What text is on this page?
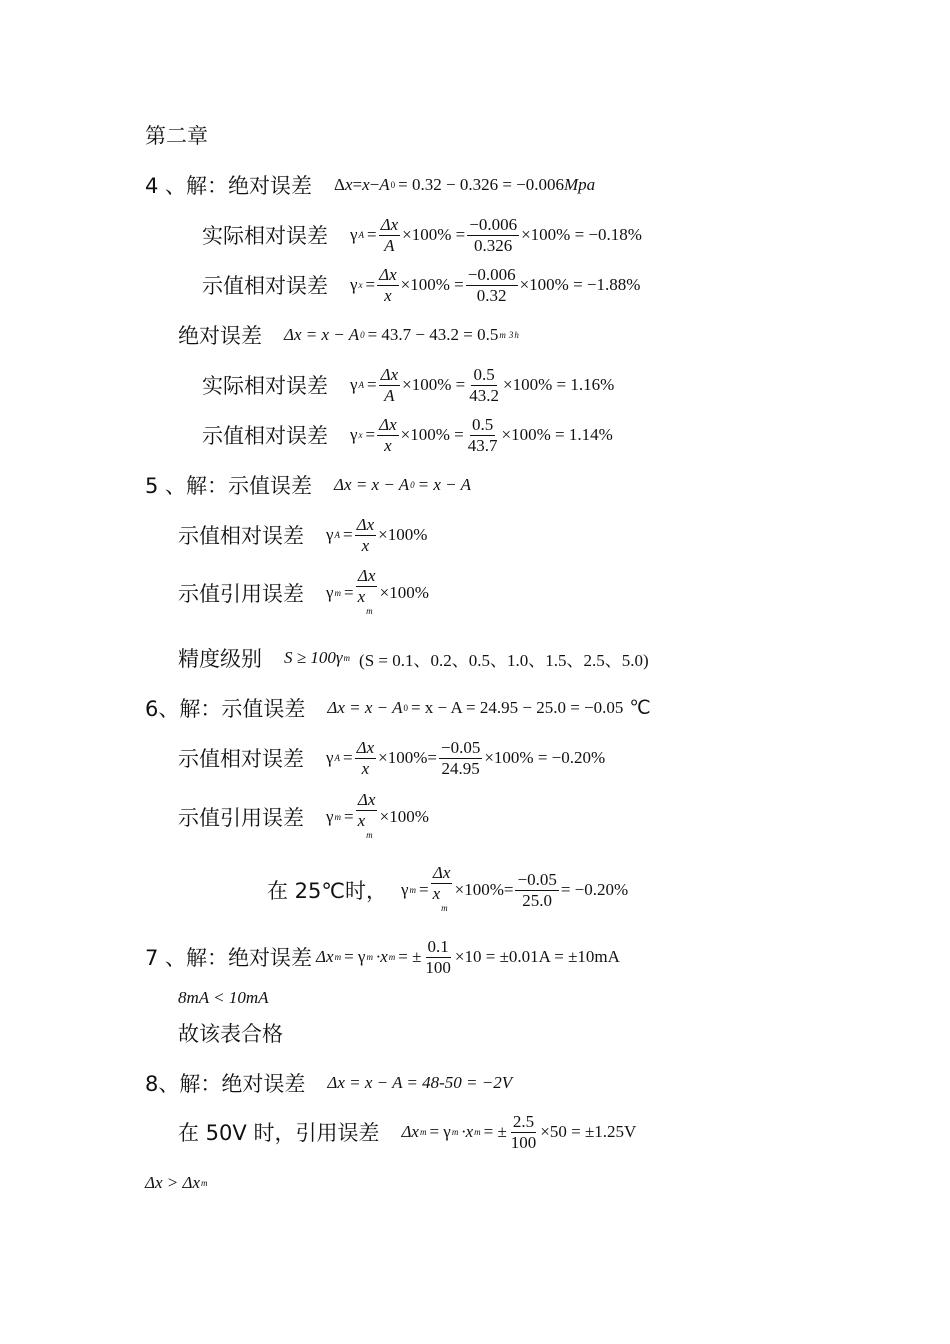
第二章
4 、解：绝对误差 Δ x = x − A 0 = 0.32 − 0.326 = −0.006 Mpa
实际相对误差 γ $A = \frac{\Delta x}{A} \times 100\% = \frac{-0.006}{0.326} \times 100\% = -0.18\%$
示值相对误差 γ $x = \frac{\Delta x}{x} \times 100\% = \frac{-0.006}{0.32} \times 100\% = -1.88\%$
绝对误差 Δx = x − A 0 = 43.7 − 43.2 = 0.5 m 3 h
实际相对误差 γ $A = \frac{\Delta x}{A} \times 100\% = \frac{0.5}{43.2} \times 100\% = 1.16\%$
示值相对误差 γ $x = \frac{\Delta x}{x} \times 100\% = \frac{0.5}{43.7} \times 100\% = 1.14\%$
5 、解：示值误差 Δx = x − A 0 = x − A
示值相对误差 γ $A = \frac{\Delta x}{x} \times 100\%$
示值引用误差 γ $m = \frac{\Delta x}{x_m} \times 100\%$
精度级别 S ≥ 100γ m (S = 0.1、0.2、0.5、1.0、1.5、2.5、5.0)
6、解：示值误差 Δx = x − A 0 = x − A = 24.95 − 25.0 = −0.05 ℃
示值相对误差 γ $A = \frac{\Delta x}{x} \times 100\%= \frac{-0.05}{24.95} \times 100\% = -0.20\%$
示值引用误差 γ $m = \frac{\Delta x}{x_m} \times 100\%$
在 25℃时， γ $m = \frac{\Delta x}{x_m} \times 100\%= \frac{-0.05}{25.0} = -0.20\%$
7 、解：绝对误差 Δx m = γ m ·x m = ± $\frac{0.1}{100} \times 10 = \pm 0.01A = \pm 10mA$
8mA < 10mA
故该表合格
8、解：绝对误差 Δx = x − A = 48-50 = −2V
在 50V 时，引用误差 Δx m = γ m ·x m = ± $\frac{2.5}{100} \times 50 = \pm 1.25V$
Δx > Δx m
